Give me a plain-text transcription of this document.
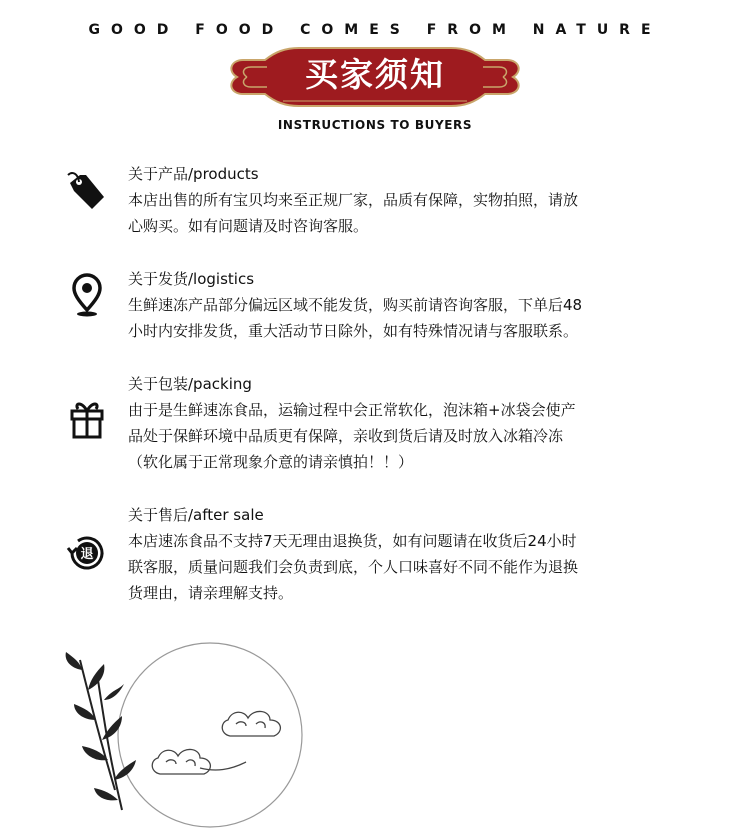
GOOD FOOD COMES FROM NATURE
买家须知
INSTRUCTIONS TO BUYERS
关于产品/products
本店出售的所有宝贝均来至正规厂家，品质有保障，实物拍照，请放
心购买。如有问题请及时咨询客服。
关于发货/logistics
生鲜速冻产品部分偏远区域不能发货，购买前请咨询客服，下单后48
小时内安排发货，重大活动节日除外，如有特殊情况请与客服联系。
关于包装/packing
由于是生鲜速冻食品，运输过程中会正常软化，泡沫箱+冰袋会使产
品处于保鲜环境中品质更有保障，亲收到货后请及时放入冰箱冷冻
（软化属于正常现象介意的请亲慎拍！！）
退
关于售后/after sale
本店速冻食品不支持7天无理由退换货，如有问题请在收货后24小时
联客服，质量问题我们会负责到底，个人口味喜好不同不能作为退换
货理由，请亲理解支持。
